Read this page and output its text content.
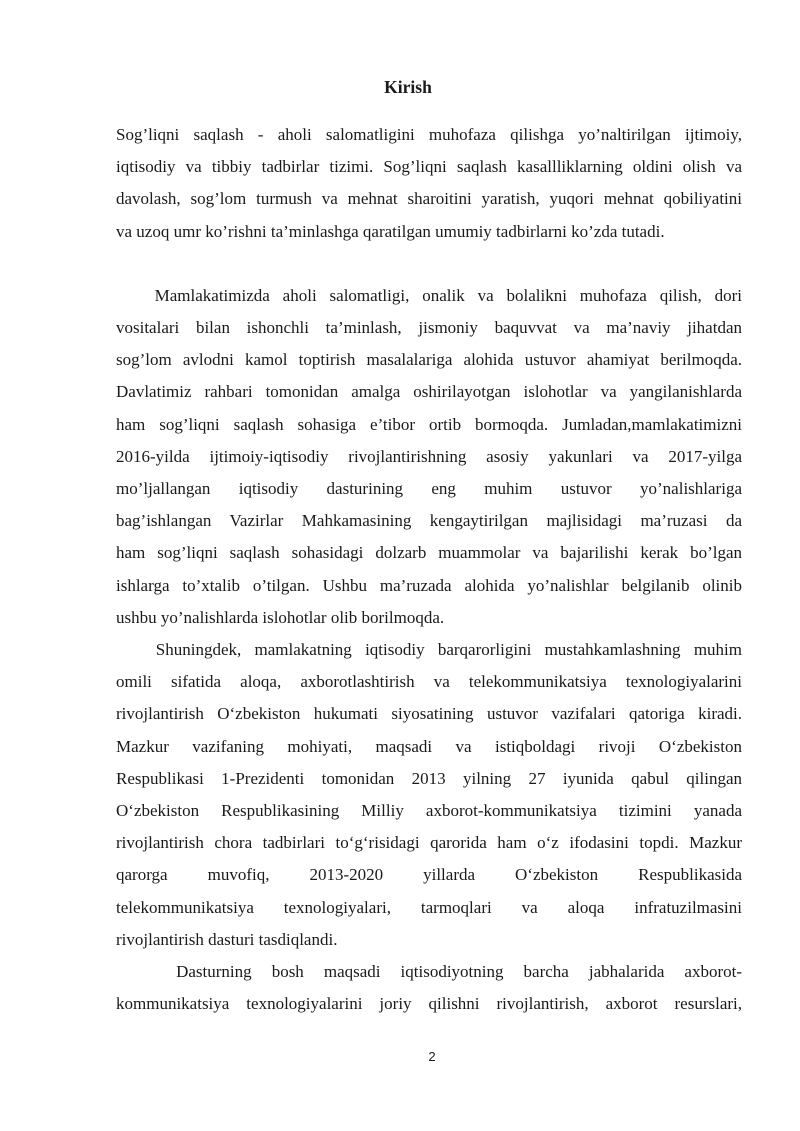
Kirish

Sog’liqni saqlash - aholi salomatligini muhofaza qilishga yo’naltirilgan ijtimoiy,
iqtisodiy va tibbiy tadbirlar tizimi. Sog’liqni saqlash kasallliklarning oldini olish va
davolash, sog’lom turmush va mehnat sharoitini yaratish, yuqori mehnat qobiliyatini
va uzoq umr ko’rishni ta’minlashga qaratilgan umumiy tadbirlarni ko’zda tutadi.

Mamlakatimizda aholi salomatligi, onalik va bolalikni muhofaza qilish, dori
vositalari bilan ishonchli ta’minlash, jismoniy baquvvat va ma’naviy jihatdan
sog’lom avlodni kamol toptirish masalalariga alohida ustuvor ahamiyat berilmoqda.
Davlatimiz rahbari tomonidan amalga oshirilayotgan islohotlar va yangilanishlarda
ham sog’liqni saqlash sohasiga e’tibor ortib bormoqda. Jumladan,mamlakatimizni
2016-yilda ijtimoiy-iqtisodiy rivojlantirishning asosiy yakunlari va 2017-yilga
mo’ljallangan iqtisodiy dasturining eng muhim ustuvor yo’nalishlariga
bag’ishlangan Vazirlar Mahkamasining kengaytirilgan majlisidagi ma’ruzasi da
ham sog’liqni saqlash sohasidagi dolzarb muammolar va bajarilishi kerak bo’lgan
ishlarga to’xtalib o’tilgan. Ushbu ma’ruzada alohida yo’nalishlar belgilanib olinib
ushbu yo’nalishlarda islohotlar olib borilmoqda.

Shuningdek, mamlakatning iqtisodiy barqarorligini mustahkamlashning muhim
omili sifatida aloqa, axborotlashtirish va telekommunikatsiya texnologiyalarini
rivojlantirish O‘zbekiston hukumati siyosatining ustuvor vazifalari qatoriga kiradi.
Mazkur vazifaning mohiyati, maqsadi va istiqboldagi rivoji O‘zbekiston
Respublikasi 1-Prezidenti tomonidan 2013 yilning 27 iyunida qabul qilingan
O‘zbekiston Respublikasining Milliy axborot-kommunikatsiya tizimini yanada
rivojlantirish chora tadbirlari to‘g‘risidagi qarorida ham o‘z ifodasini topdi. Mazkur
qarorga muvofiq, 2013-2020 yillarda O‘zbekiston Respublikasida
telekommunikatsiya texnologiyalari, tarmoqlari va aloqa infratuzilmasini
rivojlantirish dasturi tasdiqlandi.

Dasturning bosh maqsadi iqtisodiyotning barcha jabhalarida axborot-
kommunikatsiya texnologiyalarini joriy qilishni rivojlantirish, axborot resurslari,

2
